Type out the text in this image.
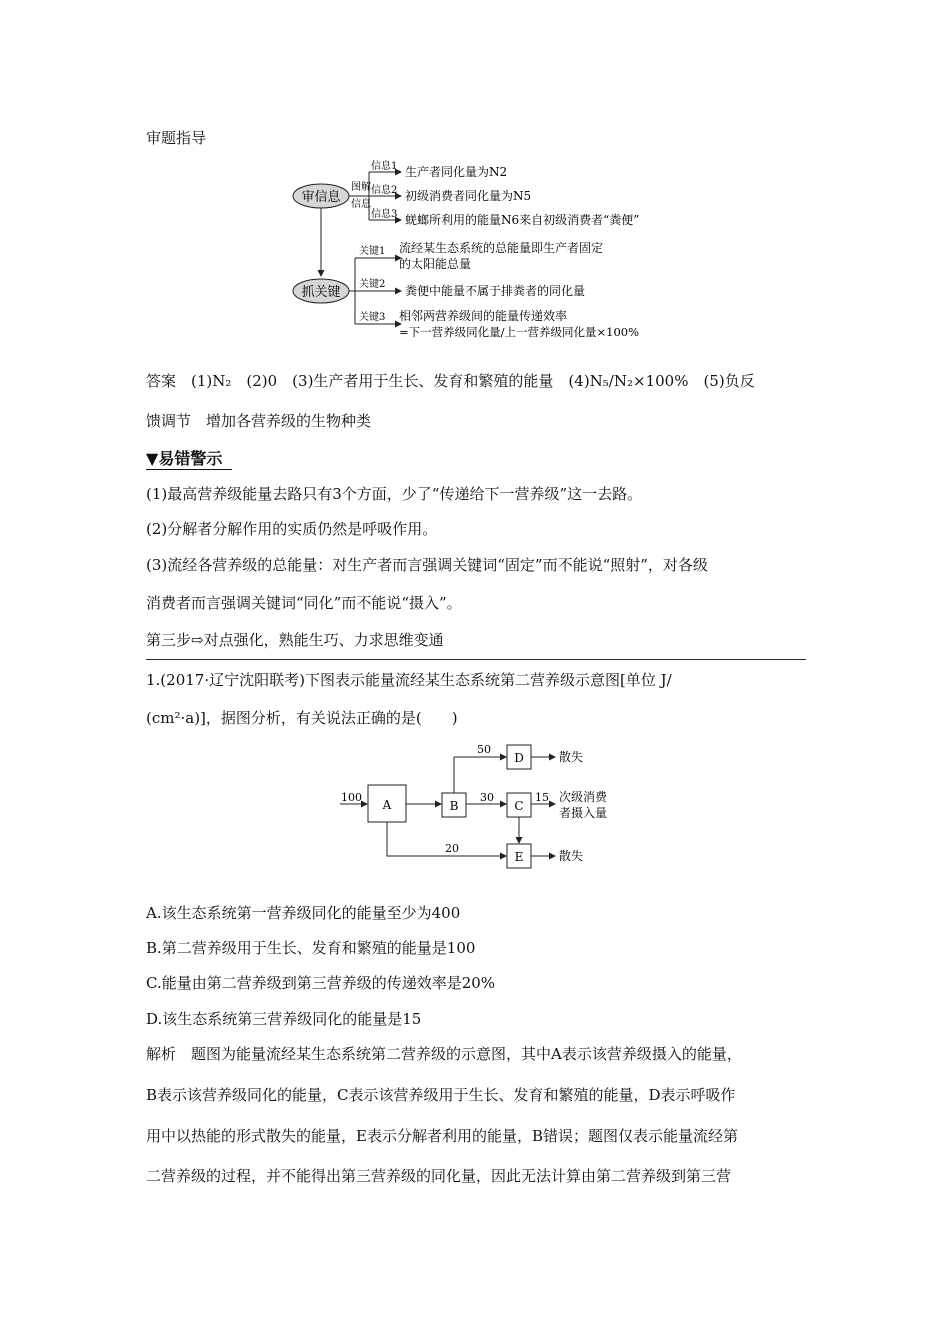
审题指导
审信息
抓关键
图解
信息
信息1
信息2
信息3
生产者同化量为N2
初级消费者同化量为N5
蜣螂所利用的能量N6来自初级消费者“粪便”
关键1
关键2
关键3
流经某生态系统的总能量即生产者固定
的太阳能总量
粪便中能量不属于排粪者的同化量
相邻两营养级间的能量传递效率
=下一营养级同化量/上一营养级同化量×100%
答案　(1)N₂　(2)0　(3)生产者用于生长、发育和繁殖的能量　(4)N₅/N₂×100%　(5)负反
馈调节　增加各营养级的生物种类
▼易错警示
(1)最高营养级能量去路只有3个方面，少了“传递给下一营养级”这一去路。
(2)分解者分解作用的实质仍然是呼吸作用。
(3)流经各营养级的总能量：对生产者而言强调关键词“固定”而不能说“照射”，对各级
消费者而言强调关键词“同化”而不能说“摄入”。
第三步⇨对点强化，熟能生巧、力求思维变通
1.(2017·辽宁沈阳联考)下图表示能量流经某生态系统第二营养级示意图[单位 J/
(cm²·a)]，据图分析，有关说法正确的是(　　)
A	B	C
D
E
100
50
30
20
散失
15 次级消费
者摄入量
散失
A.该生态系统第一营养级同化的能量至少为400
B.第二营养级用于生长、发育和繁殖的能量是100
C.能量由第二营养级到第三营养级的传递效率是20%
D.该生态系统第三营养级同化的能量是15
解析　题图为能量流经某生态系统第二营养级的示意图，其中A表示该营养级摄入的能量，
B表示该营养级同化的能量，C表示该营养级用于生长、发育和繁殖的能量，D表示呼吸作
用中以热能的形式散失的能量，E表示分解者利用的能量，B错误；题图仅表示能量流经第
二营养级的过程，并不能得出第三营养级的同化量，因此无法计算由第二营养级到第三营
